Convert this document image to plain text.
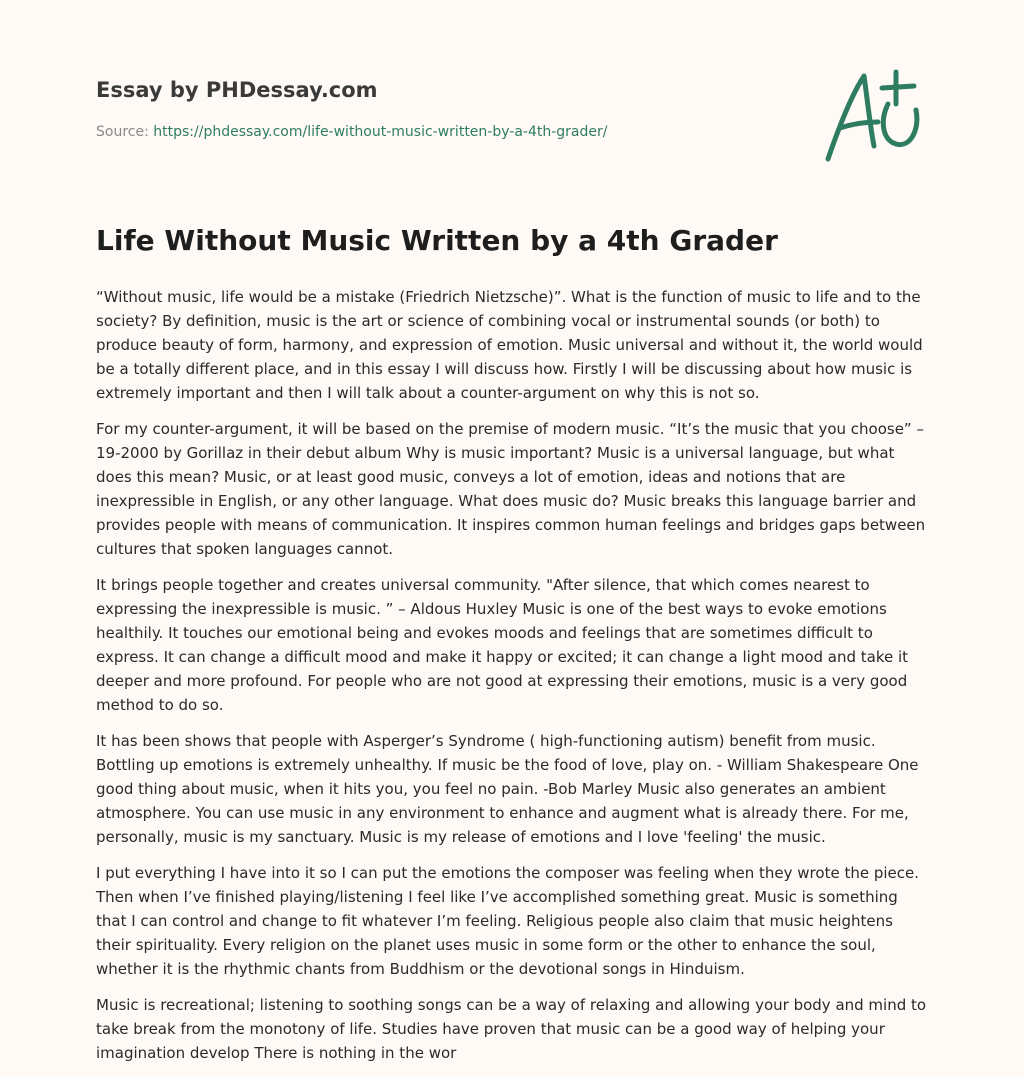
Essay by PHDessay.com

Source: https://phdessay.com/life-without-music-written-by-a-4th-grader/

Life Without Music Written by a 4th Grader

“Without music, life would be a mistake (Friedrich Nietzsche)”. What is the function of music to life and to the society? By definition, music is the art or science of combining vocal or instrumental sounds (or both) to produce beauty of form, harmony, and expression of emotion. Music universal and without it, the world would be a totally different place, and in this essay I will discuss how. Firstly I will be discussing about how music is extremely important and then I will talk about a counter-argument on why this is not so.

For my counter-argument, it will be based on the premise of modern music. “It’s the music that you choose” – 19-2000 by Gorillaz in their debut album Why is music important? Music is a universal language, but what does this mean? Music, or at least good music, conveys a lot of emotion, ideas and notions that are inexpressible in English, or any other language. What does music do? Music breaks this language barrier and provides people with means of communication. It inspires common human feelings and bridges gaps between cultures that spoken languages cannot.

It brings people together and creates universal community. "After silence, that which comes nearest to expressing the inexpressible is music. ” – Aldous Huxley Music is one of the best ways to evoke emotions healthily. It touches our emotional being and evokes moods and feelings that are sometimes difficult to express. It can change a difficult mood and make it happy or excited; it can change a light mood and take it deeper and more profound. For people who are not good at expressing their emotions, music is a very good method to do so.

It has been shows that people with Asperger’s Syndrome ( high-functioning autism) benefit from music. Bottling up emotions is extremely unhealthy. If music be the food of love, play on. - William Shakespeare One good thing about music, when it hits you, you feel no pain. -Bob Marley Music also generates an ambient atmosphere. You can use music in any environment to enhance and augment what is already there. For me, personally, music is my sanctuary. Music is my release of emotions and I love 'feeling' the music.

I put everything I have into it so I can put the emotions the composer was feeling when they wrote the piece. Then when I’ve finished playing/listening I feel like I’ve accomplished something great. Music is something that I can control and change to fit whatever I’m feeling. Religious people also claim that music heightens their spirituality. Every religion on the planet uses music in some form or the other to enhance the soul, whether it is the rhythmic chants from Buddhism or the devotional songs in Hinduism.

Music is recreational; listening to soothing songs can be a way of relaxing and allowing your body and mind to take break from the monotony of life. Studies have proven that music can be a good way of helping your imagination develop There is nothing in the wor
